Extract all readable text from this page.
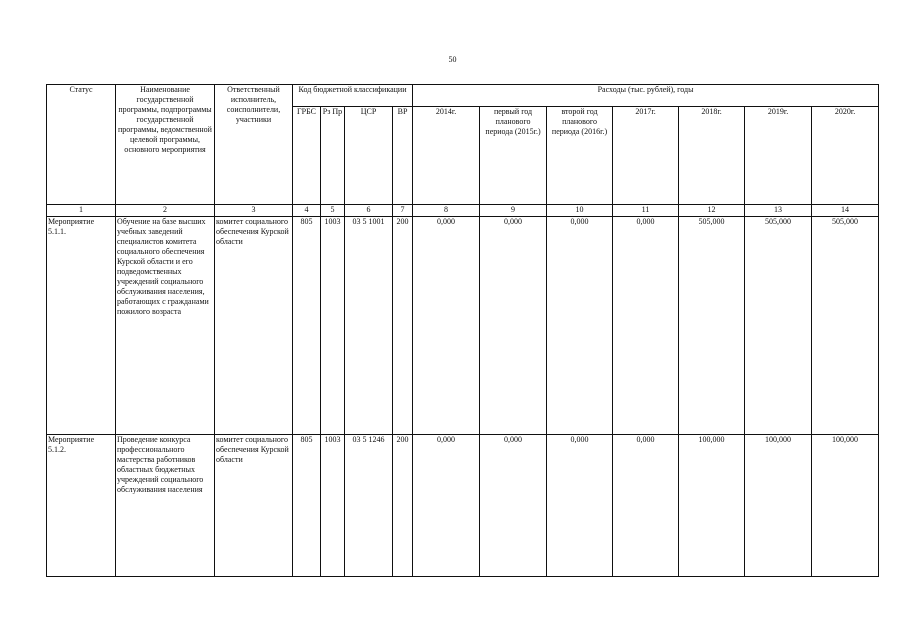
50
Статус	Наименование государственной программы, подпрограммы государственной программы, ведомственной целевой программы, основного мероприятия	Ответственный исполнитель, соисполнители, участники	Код бюджетной классификации				Расходы (тыс. рублей), годы						
			ГРБС	Рз Пр	ЦСР	ВР	2014г.	первый год планового периода (2015г.)	второй год планового периода (2016г.)	2017г.	2018г.	2019г.	2020г.
1	2	3	4	5	6	7	8	9	10	11	12	13	14
Мероприятие 5.1.1.	Обучение на базе высших учебных заведений специалистов комитета социального обеспечения Курской области и его подведомственных учреждений социального обслуживания населения, работающих с гражданами пожилого возраста	комитет социального обеспечения Курской области	805	1003	03 5 1001	200	0,000	0,000	0,000	0,000	505,000	505,000	505,000
Мероприятие 5.1.2.	Проведение конкурса профессионального мастерства работников областных бюджетных учреждений социального обслуживания населения	комитет социального обеспечения Курской области	805	1003	03 5 1246	200	0,000	0,000	0,000	0,000	100,000	100,000	100,000
